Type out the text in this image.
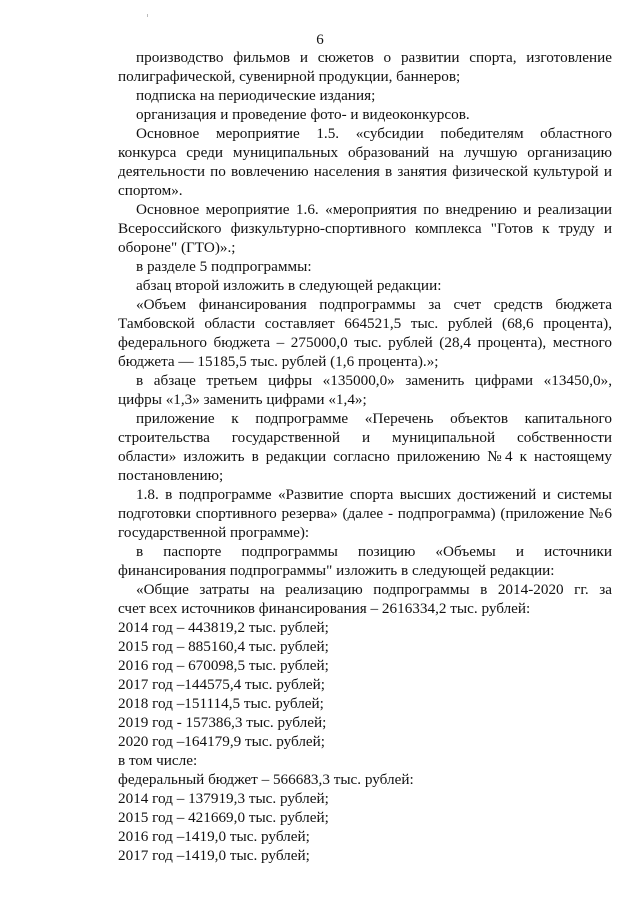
6
производство фильмов и сюжетов о развитии спорта, изготовление
полиграфической, сувенирной продукции, баннеров;
подписка на периодические издания;
организация и проведение фото- и видеоконкурсов.
Основное мероприятие 1.5. «субсидии победителям областного
конкурса среди муниципальных образований на лучшую организацию
деятельности по вовлечению населения в занятия физической культурой и
спортом».
Основное мероприятие 1.6. «мероприятия по внедрению и реализации
Всероссийского физкультурно-спортивного комплекса "Готов к труду и
обороне" (ГТО)».;
в разделе 5 подпрограммы:
абзац второй изложить в следующей редакции:
«Объем финансирования подпрограммы за счет средств бюджета
Тамбовской области составляет 664521,5 тыс. рублей (68,6 процента),
федерального бюджета – 275000,0 тыс. рублей (28,4 процента), местного
бюджета — 15185,5 тыс. рублей (1,6 процента).»;
в абзаце третьем цифры «135000,0» заменить цифрами «13450,0»,
цифры «1,3» заменить цифрами «1,4»;
приложение к подпрограмме «Перечень объектов капитального
строительства государственной и муниципальной собственности
области» изложить в редакции согласно приложению №4 к настоящему
постановлению;
1.8. в подпрограмме «Развитие спорта высших достижений и системы
подготовки спортивного резерва» (далее - подпрограмма) (приложение №6
государственной программе):
в паспорте подпрограммы позицию «Объемы и источники
финансирования подпрограммы" изложить в следующей редакции:
«Общие затраты на реализацию подпрограммы в 2014-2020 гг. за
счет всех источников финансирования – 2616334,2 тыс. рублей:
2014 год – 443819,2 тыс. рублей;
2015 год – 885160,4 тыс. рублей;
2016 год – 670098,5 тыс. рублей;
2017 год –144575,4 тыс. рублей;
2018 год –151114,5 тыс. рублей;
2019 год - 157386,3 тыс. рублей;
2020 год –164179,9 тыс. рублей;
в том числе:
федеральный бюджет – 566683,3 тыс. рублей:
2014 год – 137919,3 тыс. рублей;
2015 год – 421669,0 тыс. рублей;
2016 год –1419,0 тыс. рублей;
2017 год –1419,0 тыс. рублей;
